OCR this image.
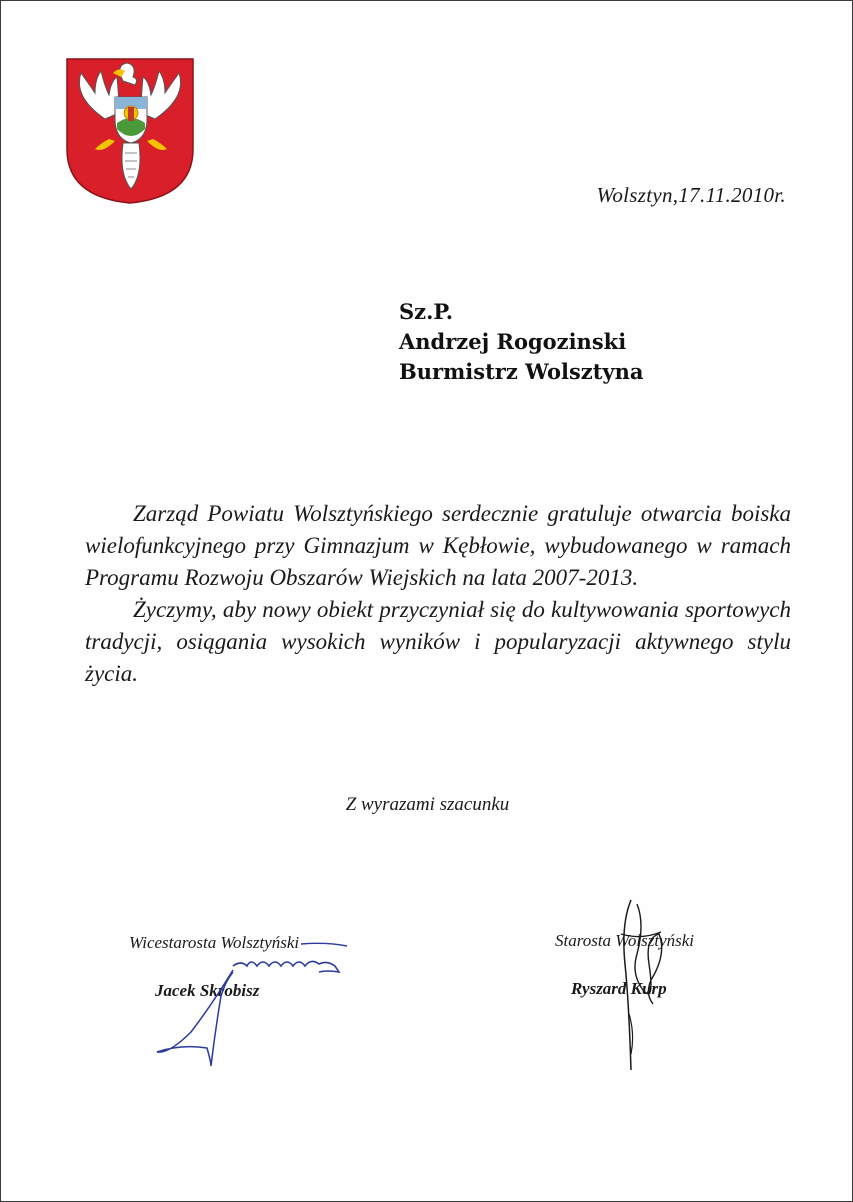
Wolsztyn,17.11.2010r.
Sz.P.
Andrzej Rogozinski
Burmistrz Wolsztyna

Zarząd Powiatu Wolsztyńskiego serdecznie gratuluje otwarcia boiska wielofunkcyjnego przy Gimnazjum w Kębłowie, wybudowanego w ramach Programu Rozwoju Obszarów Wiejskich na lata 2007-2013.

Życzymy, aby nowy obiekt przyczyniał się do kultywowania sportowych tradycji, osiągania wysokich wyników i popularyzacji aktywnego stylu życia.

Z wyrazami szacunku
Wicestarosta Wolsztyński
Jacek Skrobisz
Starosta Wolsztyński
Ryszard Kurp
